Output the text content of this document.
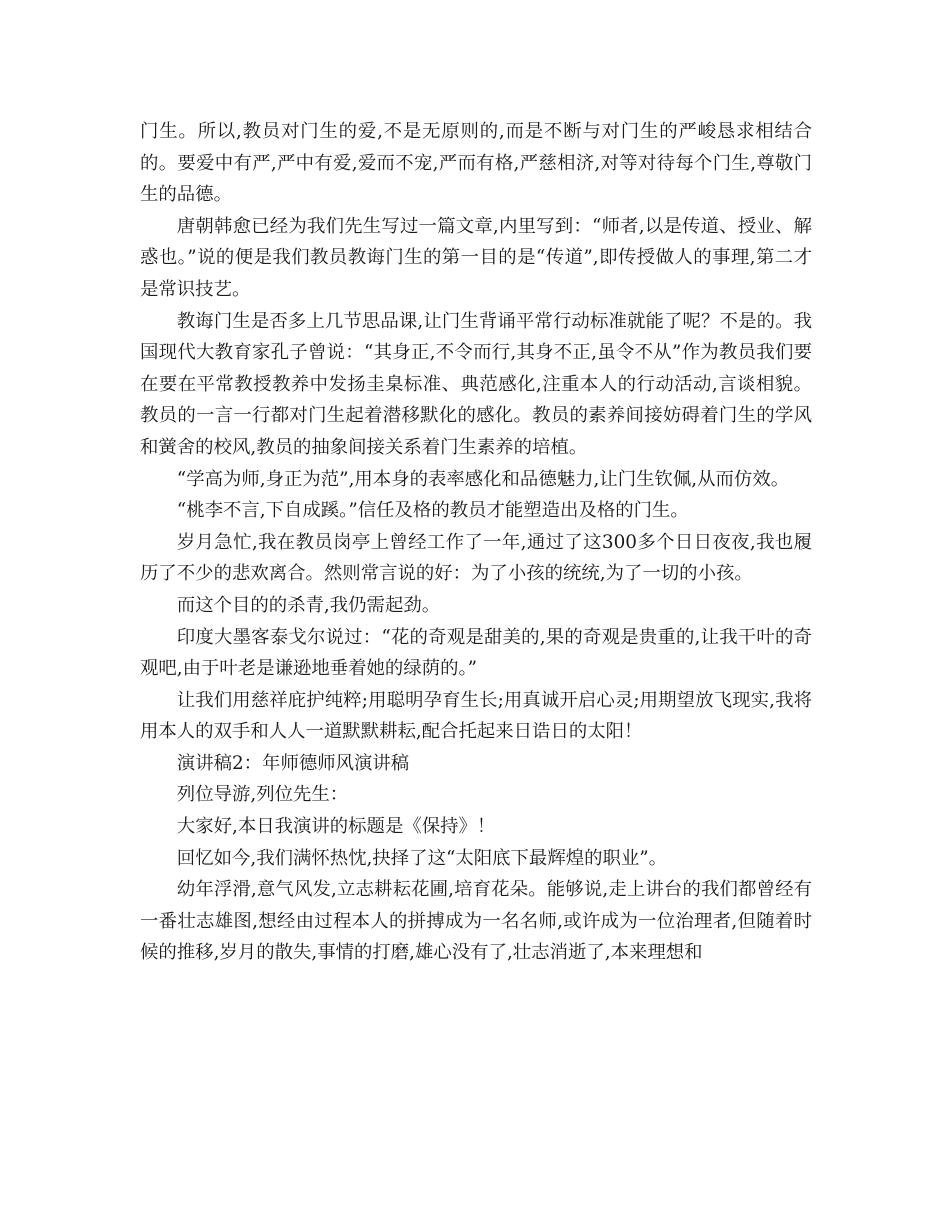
门生。所以,教员对门生的爱,不是无原则的,而是不断与对门生的严峻恳求相结合的。要爱中有严,严中有爱,爱而不宠,严而有格,严慈相济,对等对待每个门生,尊敬门生的品德。

唐朝韩愈已经为我们先生写过一篇文章,内里写到：“师者,以是传道、授业、解惑也。”说的便是我们教员教诲门生的第一目的是“传道”,即传授做人的事理,第二才是常识技艺。

教诲门生是否多上几节思品课,让门生背诵平常行动标准就能了呢？不是的。我国现代大教育家孔子曾说：“其身正,不令而行,其身不正,虽令不从”作为教员我们要在要在平常教授教养中发扬圭臬标准、典范感化,注重本人的行动活动,言谈相貌。教员的一言一行都对门生起着潜移默化的感化。教员的素养间接妨碍着门生的学风和黉舍的校风,教员的抽象间接关系着门生素养的培植。

“学高为师,身正为范”,用本身的表率感化和品德魅力,让门生钦佩,从而仿效。

“桃李不言,下自成蹊。”信任及格的教员才能塑造出及格的门生。

岁月急忙,我在教员岗亭上曾经工作了一年,通过了这300多个日日夜夜,我也履历了不少的悲欢离合。然则常言说的好：为了小孩的统统,为了一切的小孩。

而这个目的的杀青,我仍需起劲。

印度大墨客泰戈尔说过：“花的奇观是甜美的,果的奇观是贵重的,让我干叶的奇观吧,由于叶老是谦逊地垂着她的绿荫的。”

让我们用慈祥庇护纯粹;用聪明孕育生长;用真诚开启心灵;用期望放飞现实,我将用本人的双手和人人一道默默耕耘,配合托起来日诰日的太阳！

演讲稿2：年师德师风演讲稿

列位导游,列位先生：

大家好,本日我演讲的标题是《保持》！

回忆如今,我们满怀热忱,抉择了这“太阳底下最辉煌的职业”。

幼年浮滑,意气风发,立志耕耘花圃,培育花朵。能够说,走上讲台的我们都曾经有一番壮志雄图,想经由过程本人的拼搏成为一名名师,或许成为一位治理者,但随着时候的推移,岁月的散失,事情的打磨,雄心没有了,壮志消逝了,本来理想和
